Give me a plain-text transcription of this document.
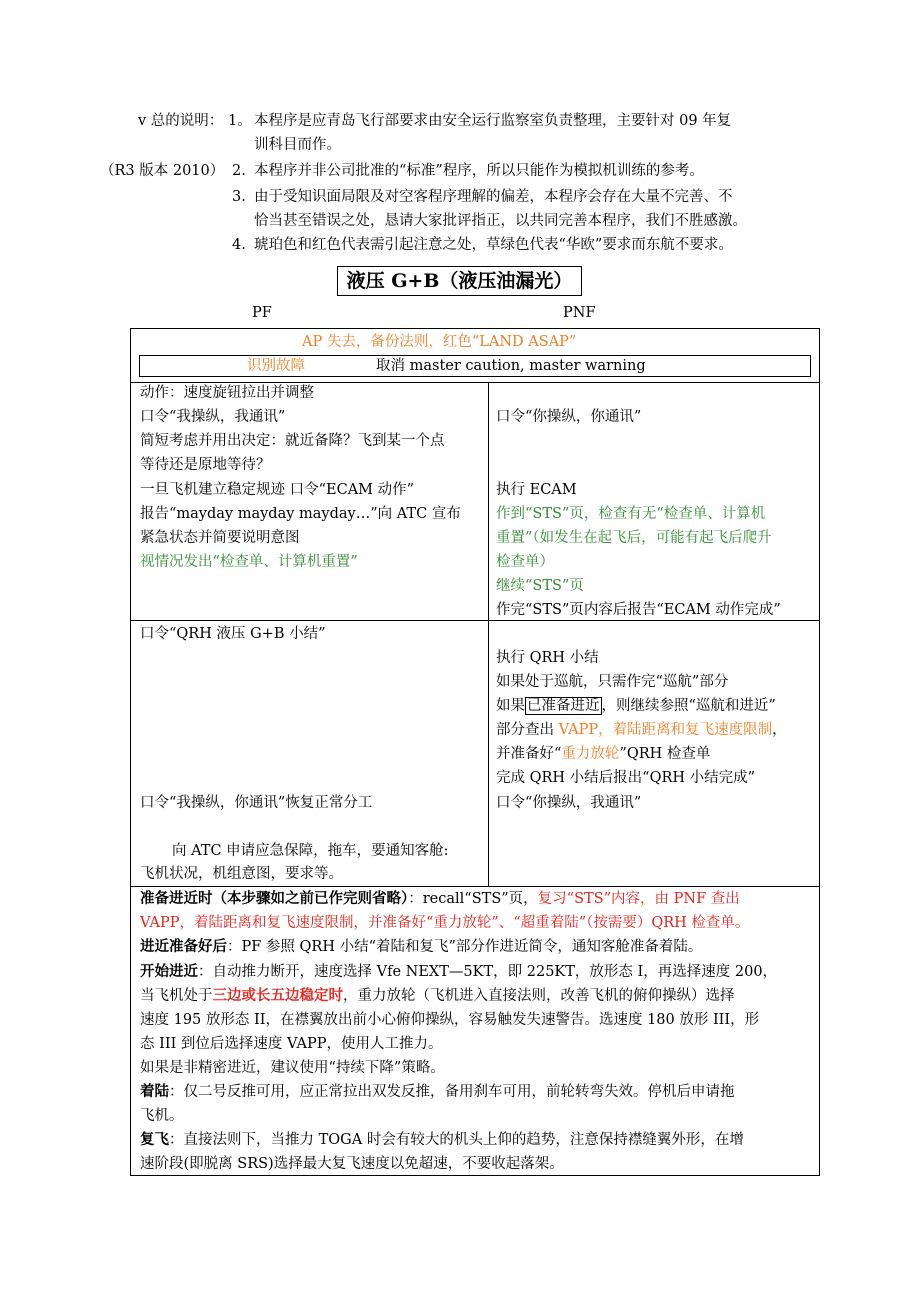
v 总的说明： 1。 本程序是应青岛飞行部要求由安全运行监察室负责整理，主要针对 09 年复
训科目而作。
（R3 版本 2010） 2. 本程序并非公司批准的“标准”程序，所以只能作为模拟机训练的参考。
3. 由于受知识面局限及对空客程序理解的偏差，本程序会存在大量不完善、不
恰当甚至错误之处，恳请大家批评指正，以共同完善本程序，我们不胜感激。
4. 琥珀色和红色代表需引起注意之处，草绿色代表“华欧”要求而东航不要求。
液压 G+B（液压油漏光）
PF	PNF
AP 失去，备份法则，红色“LAND ASAP”
识别故障	取消 master caution, master warning
动作：速度旋钮拉出并调整
口令“我操纵，我通讯”
简短考虑并用出决定：就近备降？飞到某一个点
等待还是原地等待？
一旦飞机建立稳定规迹 口令“ECAM 动作”
报告“mayday mayday mayday…”向 ATC 宣布
紧急状态并简要说明意图
视情况发出“检查单、计算机重置”
口令“你操纵，你通讯”
执行 ECAM
作到“STS”页，检查有无“检查单、计算机
重置”（如发生在起飞后，可能有起飞后爬升
检查单）
继续“STS”页
作完“STS”页内容后报告“ECAM 动作完成”
口令“QRH 液压 G+B 小结”
口令“我操纵，你通讯”恢复正常分工
向 ATC 申请应急保障，拖车，要通知客舱:
飞机状况，机组意图，要求等。
执行 QRH 小结
如果处于巡航，只需作完“巡航”部分
如果 已准备进近 ，则继续参照“巡航和进近”
部分查出 VAPP，着陆距离和复飞速度限制，
并准备好“重力放轮”QRH 检查单
完成 QRH 小结后报出“QRH 小结完成”
口令“你操纵，我通讯”
准备进近时（本步骤如之前已作完则省略）：recall“STS”页，复习“STS”内容，由 PNF 查出
VAPP，着陆距离和复飞速度限制，并准备好“重力放轮”、“超重着陆”（按需要）QRH 检查单。
进近准备好后：PF 参照 QRH 小结“着陆和复飞”部分作进近简令，通知客舱准备着陆。
开始进近：自动推力断开，速度选择 Vfe NEXT—5KT，即 225KT，放形态 I，再选择速度 200，
当飞机处于三边或长五边稳定时，重力放轮（飞机进入直接法则，改善飞机的俯仰操纵）选择
速度 195 放形态 II，在襟翼放出前小心俯仰操纵，容易触发失速警告。选速度 180 放形 III，形
态 III 到位后选择速度 VAPP，使用人工推力。
如果是非精密进近，建议使用“持续下降”策略。
着陆：仅二号反推可用，应正常拉出双发反推，备用刹车可用，前轮转弯失效。停机后申请拖
飞机。
复飞：直接法则下，当推力 TOGA 时会有较大的机头上仰的趋势，注意保持襟缝翼外形，在增
速阶段(即脱离 SRS)选择最大复飞速度以免超速，不要收起落架。
